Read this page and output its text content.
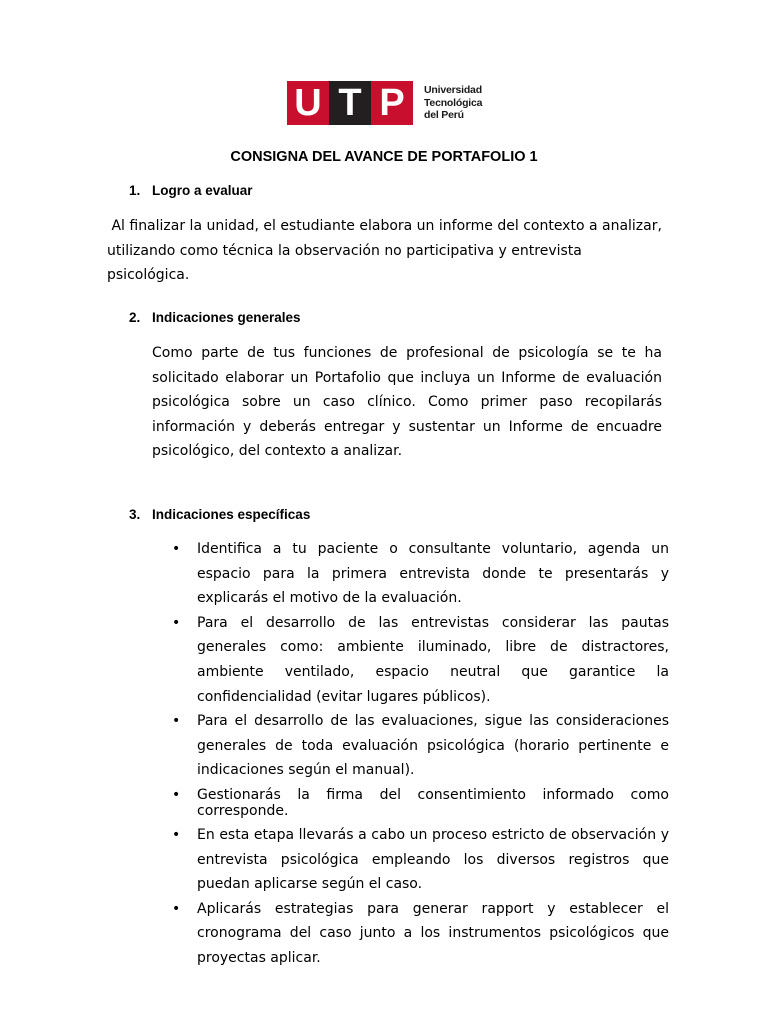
U T P	Universidad
Tecnológica
del Perú
CONSIGNA DEL AVANCE DE PORTAFOLIO 1
1. Logro a evaluar
Al finalizar la unidad, el estudiante elabora un informe del contexto a analizar, utilizando como técnica la observación no participativa y entrevista psicológica.
2. Indicaciones generales
Como parte de tus funciones de profesional de psicología se te ha solicitado elaborar un Portafolio que incluya un Informe de evaluación psicológica sobre un caso clínico. Como primer paso recopilarás información y deberás entregar y sustentar un Informe de encuadre psicológico, del contexto a analizar.
3. Indicaciones específicas
• Identifica a tu paciente o consultante voluntario, agenda un espacio para la primera entrevista donde te presentarás y explicarás el motivo de la evaluación.
• Para el desarrollo de las entrevistas considerar las pautas generales como: ambiente iluminado, libre de distractores, ambiente ventilado, espacio neutral que garantice la confidencialidad (evitar lugares públicos).
• Para el desarrollo de las evaluaciones, sigue las consideraciones generales de toda evaluación psicológica (horario pertinente e indicaciones según el manual).
• Gestionarás la firma del consentimiento informado como corresponde.
• En esta etapa llevarás a cabo un proceso estricto de observación y entrevista psicológica empleando los diversos registros que puedan aplicarse según el caso.
• Aplicarás estrategias para generar rapport y establecer el cronograma del caso junto a los instrumentos psicológicos que proyectas aplicar.
